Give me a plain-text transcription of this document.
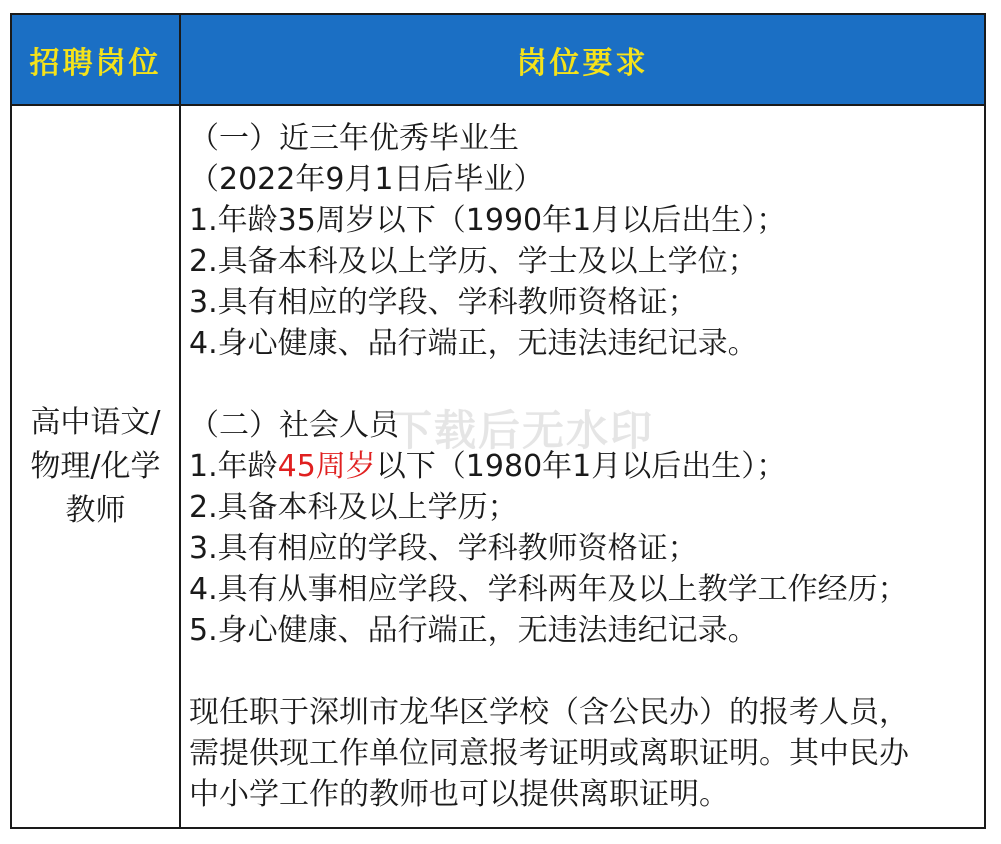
招聘岗位	岗位要求
高中语文/
物理/化学
教师
（一）近三年优秀毕业生
（2022年9月1日后毕业）
1.年龄35周岁以下（1990年1月以后出生）；
2.具备本科及以上学历、学士及以上学位；
3.具有相应的学段、学科教师资格证；
4.身心健康、品行端正，无违法违纪记录。
（二）社会人员
1.年龄45周岁以下（1980年1月以后出生）；
2.具备本科及以上学历；
3.具有相应的学段、学科教师资格证；
4.具有从事相应学段、学科两年及以上教学工作经历；
5.身心健康、品行端正，无违法违纪记录。
现任职于深圳市龙华区学校（含公民办）的报考人员，
需提供现工作单位同意报考证明或离职证明。其中民办
中小学工作的教师也可以提供离职证明。
下载后无水印
